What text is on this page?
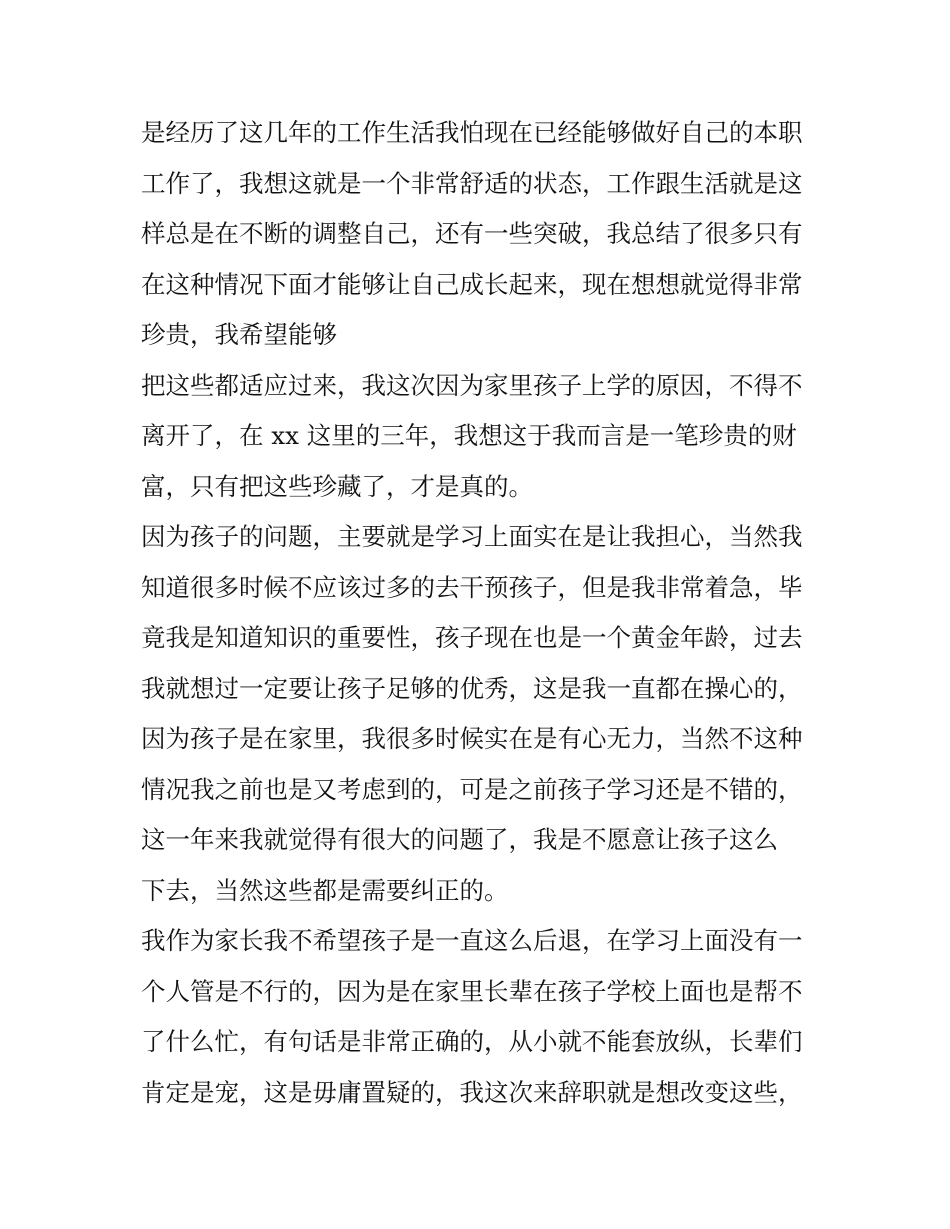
是经历了这几年的工作生活我怕现在已经能够做好自己的本职
工作了，我想这就是一个非常舒适的状态，工作跟生活就是这
样总是在不断的调整自己，还有一些突破，我总结了很多只有
在这种情况下面才能够让自己成长起来，现在想想就觉得非常
珍贵，我希望能够
把这些都适应过来，我这次因为家里孩子上学的原因，不得不
离开了，在 xx 这里的三年，我想这于我而言是一笔珍贵的财
富，只有把这些珍藏了，才是真的。
因为孩子的问题，主要就是学习上面实在是让我担心，当然我
知道很多时候不应该过多的去干预孩子，但是我非常着急，毕
竟我是知道知识的重要性，孩子现在也是一个黄金年龄，过去
我就想过一定要让孩子足够的优秀，这是我一直都在操心的，
因为孩子是在家里，我很多时候实在是有心无力，当然不这种
情况我之前也是又考虑到的，可是之前孩子学习还是不错的，
这一年来我就觉得有很大的问题了，我是不愿意让孩子这么
下去，当然这些都是需要纠正的。
我作为家长我不希望孩子是一直这么后退，在学习上面没有一
个人管是不行的，因为是在家里长辈在孩子学校上面也是帮不
了什么忙，有句话是非常正确的，从小就不能套放纵，长辈们
肯定是宠，这是毋庸置疑的，我这次来辞职就是想改变这些，
